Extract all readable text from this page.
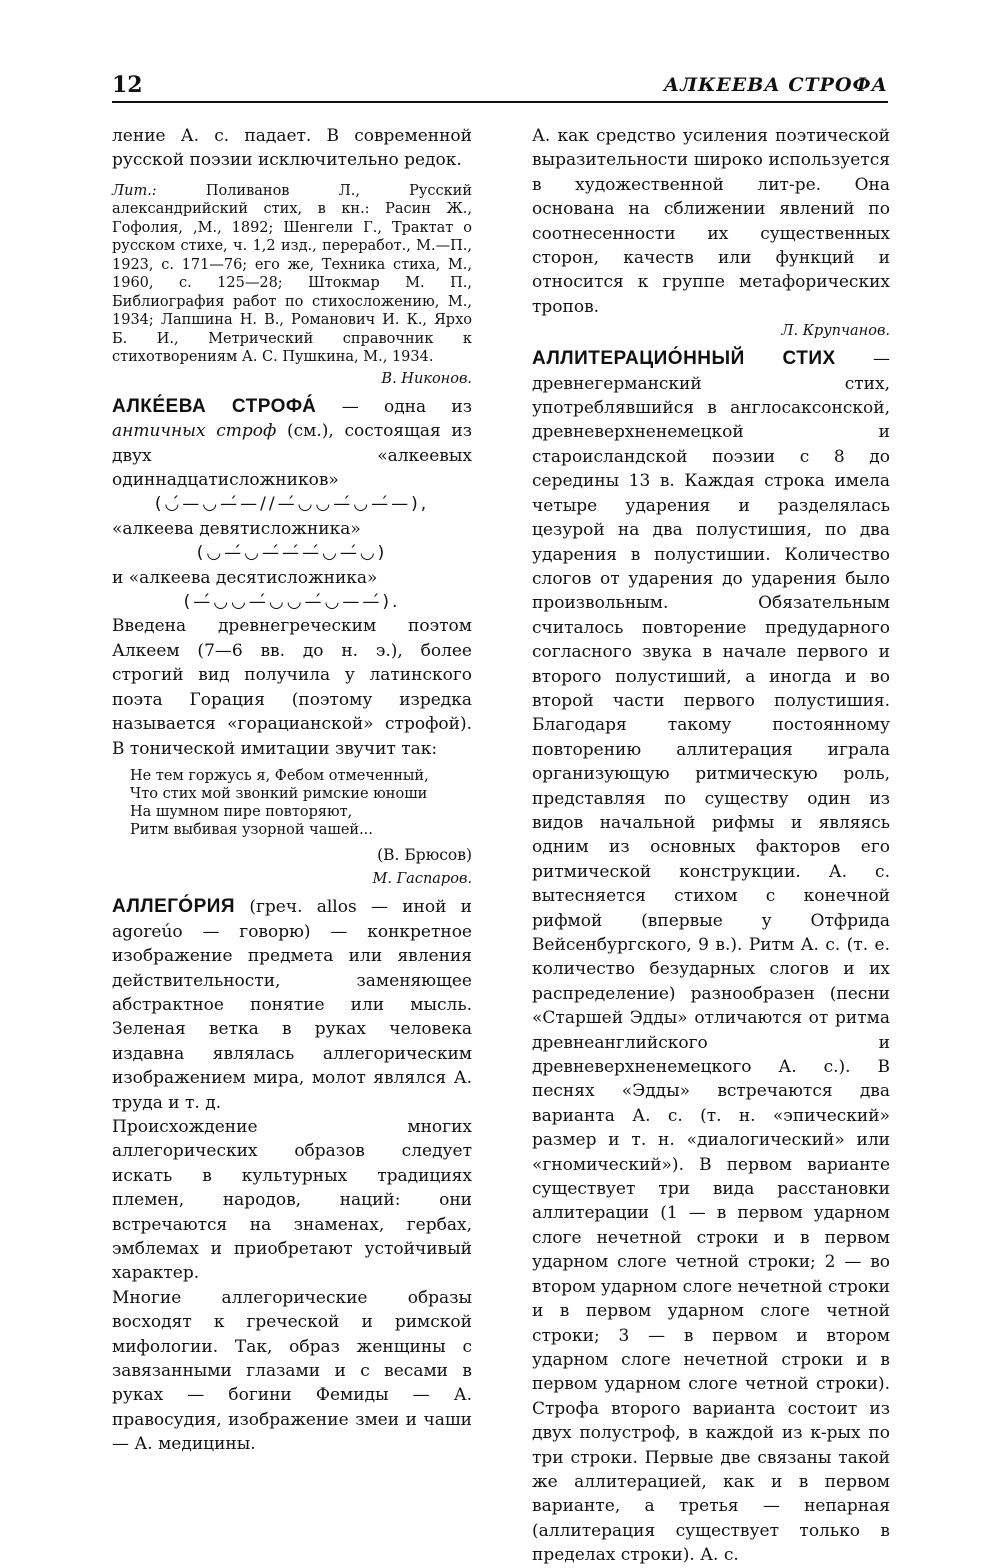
12	АЛКЕЕВА СТРОФА

ление А. с. падает. В современной русской поэзии исключительно редок.

Лит.:	Поливанов Л., Русский александрийский стих, в кн.: Расин Ж., Гофолия, ,М., 1892; Шенгели Г., Трактат о русском стихе, ч. 1,2 изд., переработ., М.—П., 1923, с. 171—76; его же, Техника стиха, М., 1960, с. 125—28; Штокмар М. П., Библиография работ по стихосложению, М., 1934; Лапшина Н. В., Романович И. К., Ярхо Б. И., Метрический справочник к стихотворениям А. С. Пушкина, М., 1934.

В. Никонов.

АЛКЕ́ЕВА СТРОФА́ — одна из античных строф (см.), состоящая из двух «алкеевых одиннадцатисложников»

(◡́—◡—́—//—́◡◡—́◡—́—),

«алкеева девятисложника»

(◡—́◡—́—́—́◡—́◡)

и «алкеева десятисложника»

(—́◡◡—́◡◡—́◡——́).

Введена древнегреческим поэтом Алкеем (7—6 вв. до н. э.), более строгий вид получила у латинского поэта Горация (поэтому изредка называется «горацианской» строфой). В тонической имитации звучит так:

Не тем горжусь я, Фебом отмеченный,
Что стих мой звонкий римские юноши
На шумном пире повторяют,
Ритм выбивая узорной чашей...
(В. Брюсов)
М. Гаспаров.

АЛЛЕГО́РИЯ (греч. allos — иной и agoreúo — говорю) — конкретное изображение предмета или явления действительности, заменяющее абстрактное понятие или мысль. Зеленая ветка в руках человека издавна являлась аллегорическим изображением мира, молот являлся А. труда и т. д.

Происхождение многих аллегорических образов следует искать в культурных традициях племен, народов, наций: они встречаются на знаменах, гербах, эмблемах и приобретают устойчивый характер.

Многие аллегорические образы восходят к греческой и римской мифологии. Так, образ женщины с завязанными глазами и с весами в руках — богини Фемиды — А. правосудия, изображение змеи и чаши — А. медицины.

А. как средство усиления поэтической выразительности широко используется в художественной лит-ре. Она основана на сближении явлений по соотнесенности их существенных сторон, качеств или функций и относится к группе метафорических тропов.

Л. Крупчанов.

АЛЛИТЕРАЦИО́ННЫЙ СТИХ — древнегерманский стих, употреблявшийся в англосаксонской, древневерхненемецкой и староисландской поэзии с 8 до середины 13 в. Каждая строка имела четыре ударения и разделялась цезурой на два полустишия, по два ударения в полустишии. Количество слогов от ударения до ударения было произвольным. Обязательным считалось повторение предударного согласного звука в начале первого и второго полустиший, а иногда и во второй части первого полустишия. Благодаря такому постоянному повторению аллитерация играла организующую ритмическую роль, представляя по существу один из видов начальной рифмы и являясь одним из основных факторов его ритмической конструкции. А. с. вытесняется стихом с конечной рифмой (впервые у Отфрида Вейсенбургского, 9 в.). Ритм А. с. (т. е. количество безударных слогов и их распределение) разнообразен (песни «Старшей Эдды» отличаются от ритма древнеанглийского и древневерхненемецкого А. с.). В песнях «Эдды» встречаются два варианта А. с. (т. н. «эпический» размер и т. н. «диалогический» или «гномический»). В первом варианте существует три вида расстановки аллитерации (1 — в первом ударном слоге нечетной строки и в первом ударном слоге четной строки; 2 — во втором ударном слоге нечетной строки и в первом ударном слоге четной строки; 3 — в первом и втором ударном слоге нечетной строки и в первом ударном слоге четной строки). Строфа второго варианта состоит из двух полустроф, в каждой из к-рых по три строки. Первые две связаны такой же аллитерацией, как и в первом варианте, а третья — непарная (аллитерация существует только в пределах строки). А. с.
